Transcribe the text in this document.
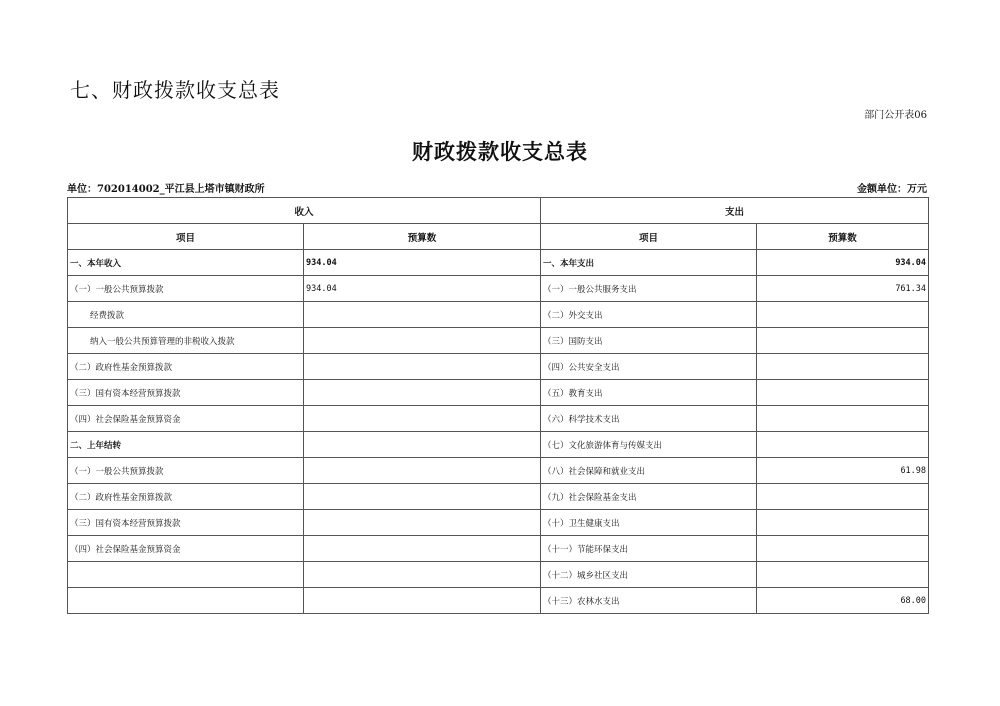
七、财政拨款收支总表
部门公开表06
财政拨款收支总表
单位：702014002_平江县上塔市镇财政所	金额单位：万元
收入		支出	
项目	预算数	项目	预算数
一、本年收入	934.04	一、本年支出	934.04
（一）一般公共预算拨款	934.04	（一）一般公共服务支出	761.34
经费拨款		（二）外交支出	
纳入一般公共预算管理的非税收入拨款		（三）国防支出	
（二）政府性基金预算拨款		（四）公共安全支出	
（三）国有资本经营预算拨款		（五）教育支出	
（四）社会保险基金预算资金		（六）科学技术支出	
二、上年结转		（七）文化旅游体育与传媒支出	
（一）一般公共预算拨款		（八）社会保障和就业支出	61.98
（二）政府性基金预算拨款		（九）社会保险基金支出	
（三）国有资本经营预算拨款		（十）卫生健康支出	
（四）社会保险基金预算资金		（十一）节能环保支出	
		（十二）城乡社区支出	
		（十三）农林水支出	68.00
